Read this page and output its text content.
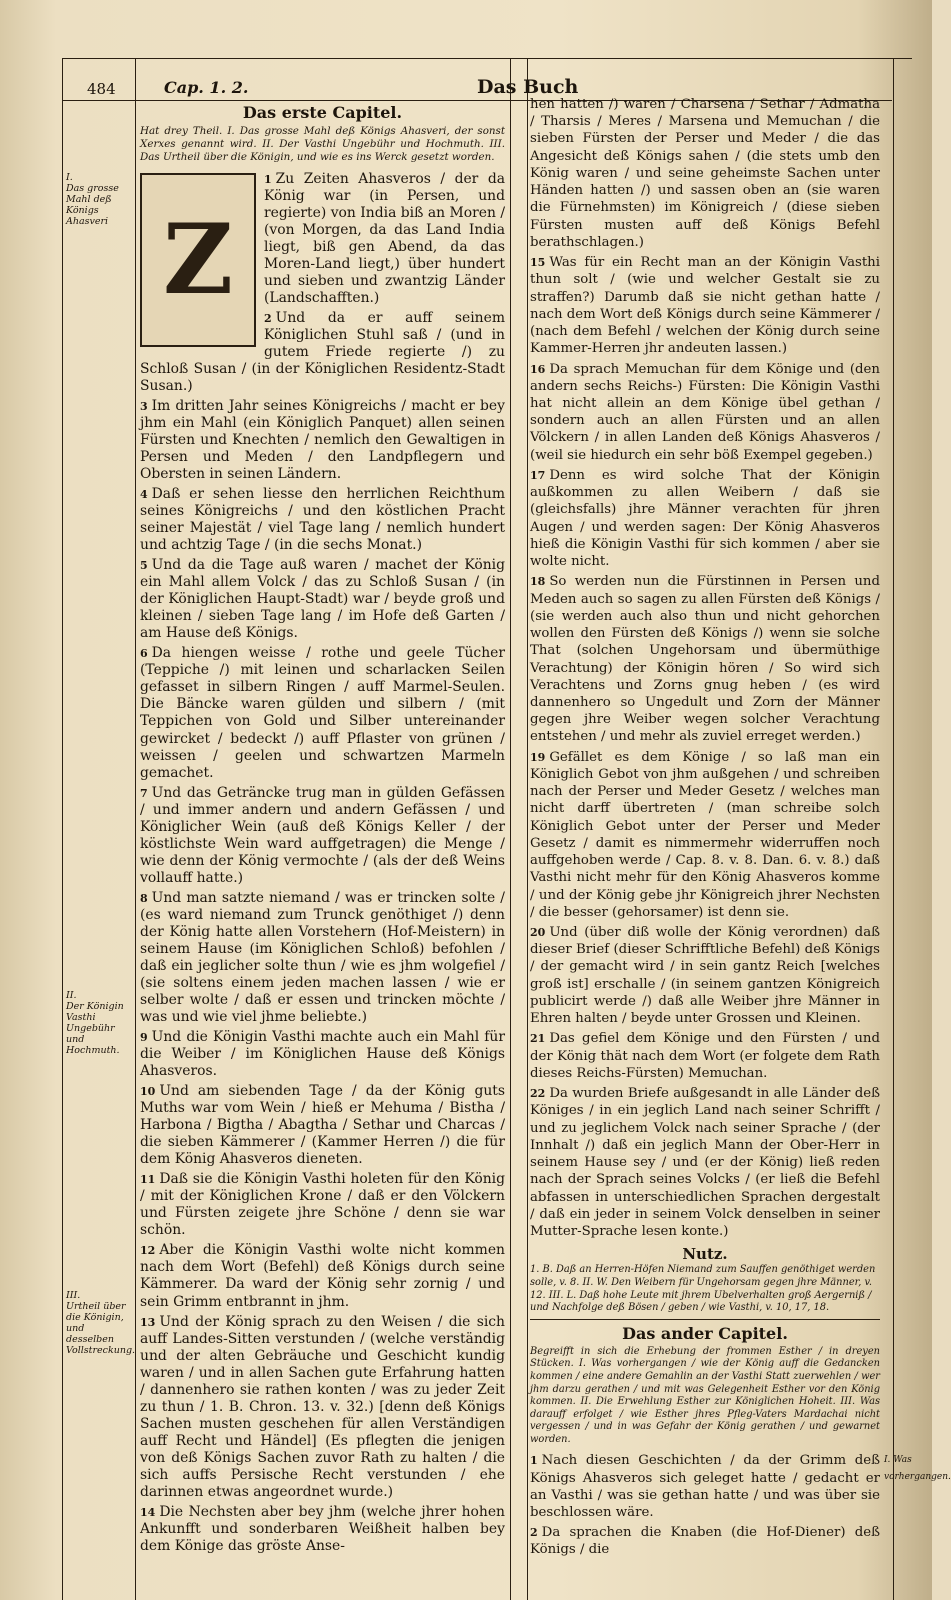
484	Cap. 1. 2.	Das Buch
I.
Das grosse Mahl deß Königs Ahasveri
II.
Der Königin Vasthi Ungebühr und Hochmuth.
III.
Urtheil über die Königin, und desselben Vollstreckung.
Das erste Capitel.
Hat drey Theil. I. Das grosse Mahl deß Königs Ahasveri, der sonst Xerxes genannt wird. II. Der Vasthi Ungebühr und Hochmuth. III. Das Urtheil über die Königin, und wie es ins Werck gesetzt worden.
Z
1 Zu Zeiten Ahasveros / der da König war (in Persen, und regierte) von India biß an Moren / (von Morgen, da das Land India liegt, biß gen Abend, da das Moren-Land liegt,) über hundert und sieben und zwantzig Länder (Landschafften.)
2 Und da er auff seinem Königlichen Stuhl saß / (und in gutem Friede regierte /) zu Schloß Susan / (in der Königlichen Residentz-Stadt Susan.)
3 Im dritten Jahr seines Königreichs / macht er bey jhm ein Mahl (ein Königlich Panquet) allen seinen Fürsten und Knechten / nemlich den Gewaltigen in Persen und Meden / den Landpflegern und Obersten in seinen Ländern.
4 Daß er sehen liesse den herrlichen Reichthum seines Königreichs / und den köstlichen Pracht seiner Majestät / viel Tage lang / nemlich hundert und achtzig Tage / (in die sechs Monat.)
5 Und da die Tage auß waren / machet der König ein Mahl allem Volck / das zu Schloß Susan / (in der Königlichen Haupt-Stadt) war / beyde groß und kleinen / sieben Tage lang / im Hofe deß Garten / am Hause deß Königs.
6 Da hiengen weisse / rothe und geele Tücher (Teppiche /) mit leinen und scharlacken Seilen gefasset in silbern Ringen / auff Marmel-Seulen. Die Bäncke waren gülden und silbern / (mit Teppichen von Gold und Silber untereinander gewircket / bedeckt /) auff Pflaster von grünen / weissen / geelen und schwartzen Marmeln gemachet.
7 Und das Geträncke trug man in gülden Gefässen / und immer andern und andern Gefässen / und Königlicher Wein (auß deß Königs Keller / der köstlichste Wein ward auffgetragen) die Menge / wie denn der König vermochte / (als der deß Weins vollauff hatte.)
8 Und man satzte niemand / was er trincken solte / (es ward niemand zum Trunck genöthiget /) denn der König hatte allen Vorstehern (Hof-Meistern) in seinem Hause (im Königlichen Schloß) befohlen / daß ein jeglicher solte thun / wie es jhm wolgefiel / (sie soltens einem jeden machen lassen / wie er selber wolte / daß er essen und trincken möchte / was und wie viel jhme beliebte.)
9 Und die Königin Vasthi machte auch ein Mahl für die Weiber / im Königlichen Hause deß Königs Ahasveros.
10 Und am siebenden Tage / da der König guts Muths war vom Wein / hieß er Mehuma / Bistha / Harbona / Bigtha / Abagtha / Sethar und Charcas / die sieben Kämmerer / (Kammer Herren /) die für dem König Ahasveros dieneten.
11 Daß sie die Königin Vasthi holeten für den König / mit der Königlichen Krone / daß er den Völckern und Fürsten zeigete jhre Schöne / denn sie war schön.
12 Aber die Königin Vasthi wolte nicht kommen nach dem Wort (Befehl) deß Königs durch seine Kämmerer. Da ward der König sehr zornig / und sein Grimm entbrannt in jhm.
13 Und der König sprach zu den Weisen / die sich auff Landes-Sitten verstunden / (welche verständig und der alten Gebräuche und Geschicht kundig waren / und in allen Sachen gute Erfahrung hatten / dannenhero sie rathen konten / was zu jeder Zeit zu thun / 1. B. Chron. 13. v. 32.) [denn deß Königs Sachen musten geschehen für allen Verständigen auff Recht und Händel] (Es pflegten die jenigen von deß Königs Sachen zuvor Rath zu halten / die sich auffs Persische Recht verstunden / ehe darinnen etwas angeordnet wurde.)
14 Die Nechsten aber bey jhm (welche jhrer hohen Ankunfft und sonderbaren Weißheit halben bey dem Könige das gröste Anse-
hen hatten /) waren / Charsena / Sethar / Admatha / Tharsis / Meres / Marsena und Memuchan / die sieben Fürsten der Perser und Meder / die das Angesicht deß Königs sahen / (die stets umb den König waren / und seine geheimste Sachen unter Händen hatten /) und sassen oben an (sie waren die Fürnehmsten) im Königreich / (diese sieben Fürsten musten auff deß Königs Befehl berathschlagen.)
15 Was für ein Recht man an der Königin Vasthi thun solt / (wie und welcher Gestalt sie zu straffen?) Darumb daß sie nicht gethan hatte / nach dem Wort deß Königs durch seine Kämmerer / (nach dem Befehl / welchen der König durch seine Kammer-Herren jhr andeuten lassen.)
16 Da sprach Memuchan für dem Könige und (den andern sechs Reichs-) Fürsten: Die Königin Vasthi hat nicht allein an dem Könige übel gethan / sondern auch an allen Fürsten und an allen Völckern / in allen Landen deß Königs Ahasveros / (weil sie hiedurch ein sehr böß Exempel gegeben.)
17 Denn es wird solche That der Königin außkommen zu allen Weibern / daß sie (gleichsfalls) jhre Männer verachten für jhren Augen / und werden sagen: Der König Ahasveros hieß die Königin Vasthi für sich kommen / aber sie wolte nicht.
18 So werden nun die Fürstinnen in Persen und Meden auch so sagen zu allen Fürsten deß Königs / (sie werden auch also thun und nicht gehorchen wollen den Fürsten deß Königs /) wenn sie solche That (solchen Ungehorsam und übermüthige Verachtung) der Königin hören / So wird sich Verachtens und Zorns gnug heben / (es wird dannenhero so Ungedult und Zorn der Männer gegen jhre Weiber wegen solcher Verachtung entstehen / und mehr als zuviel erreget werden.)
19 Gefället es dem Könige / so laß man ein Königlich Gebot von jhm außgehen / und schreiben nach der Perser und Meder Gesetz / welches man nicht darff übertreten / (man schreibe solch Königlich Gebot unter der Perser und Meder Gesetz / damit es nimmermehr widerruffen noch auffgehoben werde / Cap. 8. v. 8. Dan. 6. v. 8.) daß Vasthi nicht mehr für den König Ahasveros komme / und der König gebe jhr Königreich jhrer Nechsten / die besser (gehorsamer) ist denn sie.
20 Und (über diß wolle der König verordnen) daß dieser Brief (dieser Schrifftliche Befehl) deß Königs / der gemacht wird / in sein gantz Reich [welches groß ist] erschalle / (in seinem gantzen Königreich publicirt werde /) daß alle Weiber jhre Männer in Ehren halten / beyde unter Grossen und Kleinen.
21 Das gefiel dem Könige und den Fürsten / und der König thät nach dem Wort (er folgete dem Rath dieses Reichs-Fürsten) Memuchan.
22 Da wurden Briefe außgesandt in alle Länder deß Königes / in ein jeglich Land nach seiner Schrifft / und zu jeglichem Volck nach seiner Sprache / (der Innhalt /) daß ein jeglich Mann der Ober-Herr in seinem Hause sey / und (er der König) ließ reden nach der Sprach seines Volcks / (er ließ die Befehl abfassen in unterschiedlichen Sprachen dergestalt / daß ein jeder in seinem Volck denselben in seiner Mutter-Sprache lesen konte.)
Nutz.
1. B. Daß an Herren-Höfen Niemand zum Sauffen genöthiget werden solle, v. 8. II. W. Den Weibern für Ungehorsam gegen jhre Männer, v. 12. III. L. Daß hohe Leute mit jhrem Ubelverhalten groß Aergerniß / und Nachfolge deß Bösen / geben / wie Vasthi, v. 10, 17, 18.
Das ander Capitel.
Begreifft in sich die Erhebung der frommen Esther / in dreyen Stücken. I. Was vorhergangen / wie der König auff die Gedancken kommen / eine andere Gemahlin an der Vasthi Statt zuerwehlen / wer jhm darzu gerathen / und mit was Gelegenheit Esther vor den König kommen. II. Die Erwehlung Esther zur Königlichen Hoheit. III. Was darauff erfolget / wie Esther jhres Pfleg-Vaters Mardachai nicht vergessen / und in was Gefahr der König gerathen / und gewarnet worden.
I. Was vorhergangen.
1 Nach diesen Geschichten / da der Grimm deß Königs Ahasveros sich geleget hatte / gedacht er an Vasthi / was sie gethan hatte / und was über sie beschlossen wäre.
2 Da sprachen die Knaben (die Hof-Diener) deß Königs / die
